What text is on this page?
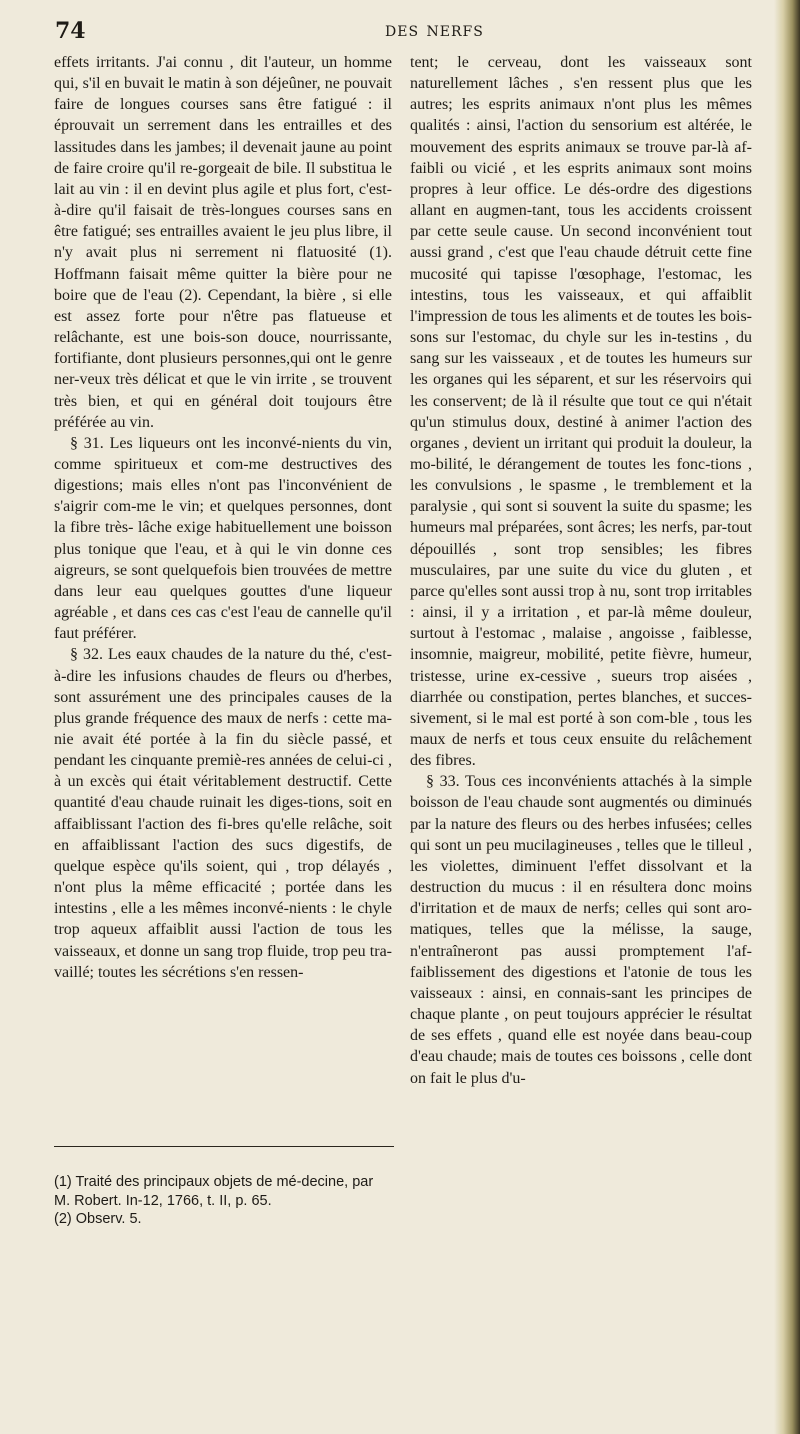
74	DES NERFS

effets irritants. J'ai connu , dit l'auteur, un homme qui, s'il en buvait le matin à son déjeûner, ne pouvait faire de longues courses sans être fatigué : il éprouvait un serrement dans les entrailles et des lassitudes dans les jambes; il devenait jaune au point de faire croire qu'il re-gorgeait de bile. Il substitua le lait au vin : il en devint plus agile et plus fort, c'est-à-dire qu'il faisait de très-longues courses sans en être fatigué; ses entrailles avaient le jeu plus libre, il n'y avait plus ni serrement ni flatuosité (1). Hoffmann faisait même quitter la bière pour ne boire que de l'eau (2). Cependant, la bière , si elle est assez forte pour n'être pas flatueuse et relâchante, est une bois-son douce, nourrissante, fortifiante, dont plusieurs personnes,qui ont le genre ner-veux très délicat et que le vin irrite , se trouvent très bien, et qui en général doit toujours être préférée au vin.

§ 31. Les liqueurs ont les inconvé-nients du vin, comme spiritueux et com-me destructives des digestions; mais elles n'ont pas l'inconvénient de s'aigrir com-me le vin; et quelques personnes, dont la fibre très- lâche exige habituellement une boisson plus tonique que l'eau, et à qui le vin donne ces aigreurs, se sont quelquefois bien trouvées de mettre dans leur eau quelques gouttes d'une liqueur agréable , et dans ces cas c'est l'eau de cannelle qu'il faut préférer.

§ 32. Les eaux chaudes de la nature du thé, c'est-à-dire les infusions chaudes de fleurs ou d'herbes, sont assurément une des principales causes de la plus grande fréquence des maux de nerfs : cette ma-nie avait été portée à la fin du siècle passé, et pendant les cinquante premiè-res années de celui-ci , à un excès qui était véritablement destructif. Cette quantité d'eau chaude ruinait les diges-tions, soit en affaiblissant l'action des fi-bres qu'elle relâche, soit en affaiblissant l'action des sucs digestifs, de quelque espèce qu'ils soient, qui , trop délayés , n'ont plus la même efficacité ; portée dans les intestins , elle a les mêmes inconvé-nients : le chyle trop aqueux affaiblit aussi l'action de tous les vaisseaux, et donne un sang trop fluide, trop peu tra-vaillé; toutes les sécrétions s'en ressen-

tent; le cerveau, dont les vaisseaux sont naturellement lâches , s'en ressent plus que les autres; les esprits animaux n'ont plus les mêmes qualités : ainsi, l'action du sensorium est altérée, le mouvement des esprits animaux se trouve par-là af-faibli ou vicié , et les esprits animaux sont moins propres à leur office. Le dés-ordre des digestions allant en augmen-tant, tous les accidents croissent par cette seule cause. Un second inconvénient tout aussi grand , c'est que l'eau chaude détruit cette fine mucosité qui tapisse l'œsophage, l'estomac, les intestins, tous les vaisseaux, et qui affaiblit l'impression de tous les aliments et de toutes les bois-sons sur l'estomac, du chyle sur les in-testins , du sang sur les vaisseaux , et de toutes les humeurs sur les organes qui les séparent, et sur les réservoirs qui les conservent; de là il résulte que tout ce qui n'était qu'un stimulus doux, destiné à animer l'action des organes , devient un irritant qui produit la douleur, la mo-bilité, le dérangement de toutes les fonc-tions , les convulsions , le spasme , le tremblement et la paralysie , qui sont si souvent la suite du spasme; les humeurs mal préparées, sont âcres; les nerfs, par-tout dépouillés , sont trop sensibles; les fibres musculaires, par une suite du vice du gluten , et parce qu'elles sont aussi trop à nu, sont trop irritables : ainsi, il y a irritation , et par-là même douleur, surtout à l'estomac , malaise , angoisse , faiblesse, insomnie, maigreur, mobilité, petite fièvre, humeur, tristesse, urine ex-cessive , sueurs trop aisées , diarrhée ou constipation, pertes blanches, et succes-sivement, si le mal est porté à son com-ble , tous les maux de nerfs et tous ceux ensuite du relâchement des fibres.

§ 33. Tous ces inconvénients attachés à la simple boisson de l'eau chaude sont augmentés ou diminués par la nature des fleurs ou des herbes infusées; celles qui sont un peu mucilagineuses , telles que le tilleul , les violettes, diminuent l'effet dissolvant et la destruction du mucus : il en résultera donc moins d'irritation et de maux de nerfs; celles qui sont aro-matiques, telles que la mélisse, la sauge, n'entraîneront pas aussi promptement l'af-faiblissement des digestions et l'atonie de tous les vaisseaux : ainsi, en connais-sant les principes de chaque plante , on peut toujours apprécier le résultat de ses effets , quand elle est noyée dans beau-coup d'eau chaude; mais de toutes ces boissons , celle dont on fait le plus d'u-

(1) Traité des principaux objets de mé-decine, par M. Robert. In-12, 1766, t. II, p. 65.

(2) Observ. 5.
